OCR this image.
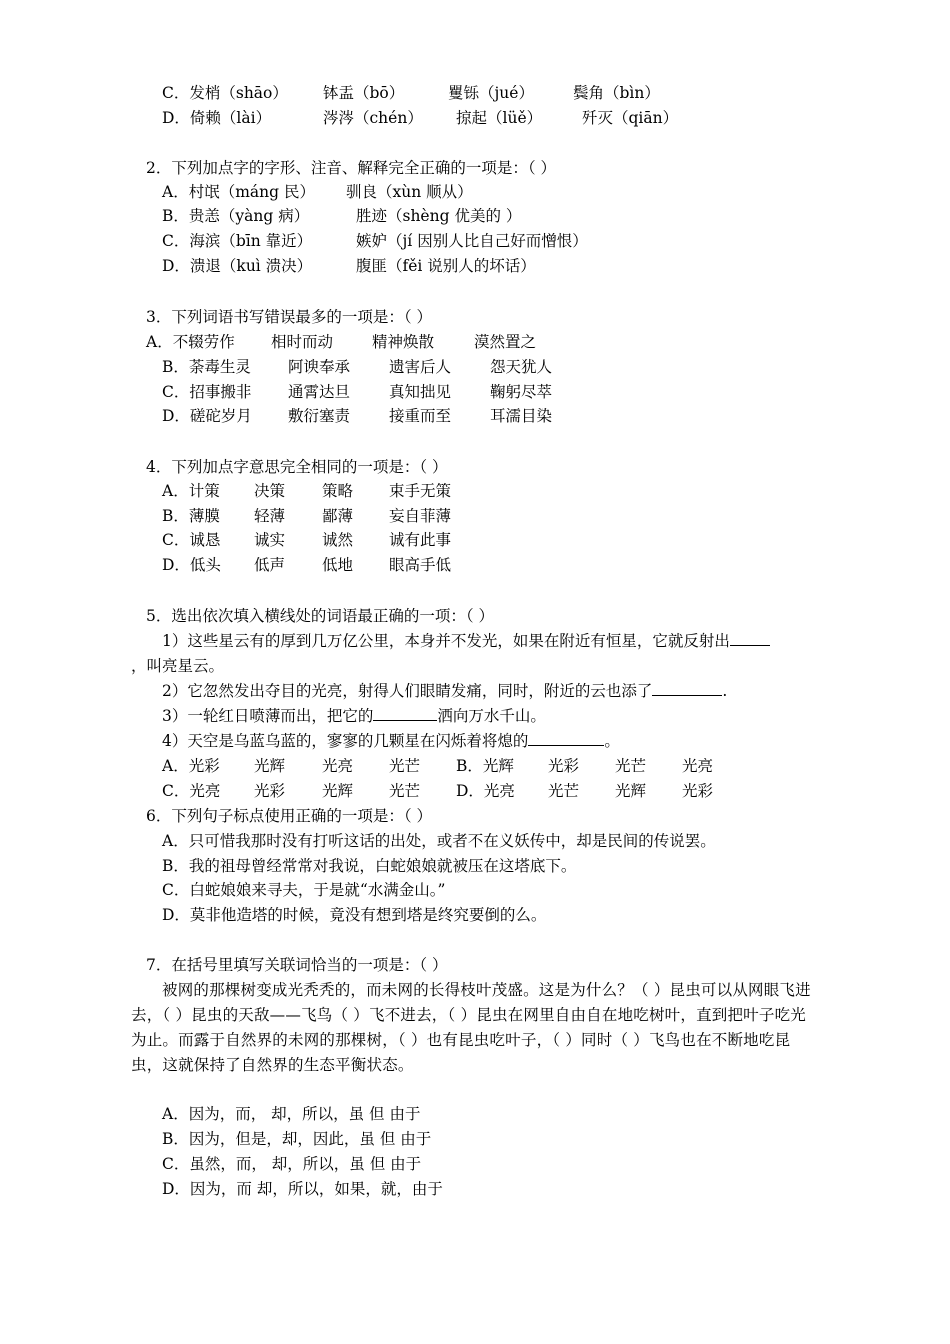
C．发梢（shāo） 钵盂（bō）	矍铄（jué）	鬓角（bìn）
D．倚赖（lài）	涔涔（chén） 掠起（lüě）	歼灭（qiān）
2．下列加点字的字形、注音、解释完全正确的一项是：（ ）
A．村氓（máng 民） 驯良（xùn 顺从）
B．贵恙（yàng 病）	胜迹（shèng 优美的 ）
C．海滨（bīn 靠近）	嫉妒（jí 因别人比自己好而憎恨）
D．溃退（kuì 溃决）	腹匪（fěi 说别人的坏话）
3．下列词语书写错误最多的一项是：（ ）
A．不辍劳作 相时而动	精神焕散	漠然置之
B．荼毒生灵 阿谀奉承	遗害后人	怨天犹人
C．招事搬非 通霄达旦	真知拙见	鞠躬尽萃
D．磋砣岁月 敷衍塞责	接重而至	耳濡目染
4．下列加点字意思完全相同的一项是：（ ）
A．计策 决策 策略 束手无策
B．薄膜 轻薄 鄙薄 妄自菲薄
C．诚恳 诚实 诚然 诚有此事
D．低头 低声 低地 眼高手低
5．选出依次填入横线处的词语最正确的一项：（ ）
1）这些星云有的厚到几万亿公里，本身并不发光，如果在附近有恒星，它就反射出
，叫亮星云。
2）它忽然发出夺目的光亮，射得人们眼睛发痛，同时，附近的云也添了	.
3）一轮红日喷薄而出，把它的	洒向万水千山。
4）天空是乌蓝乌蓝的，寥寥的几颗星在闪烁着将熄的	。
A．光彩 光辉 光亮 光芒 B．光辉 光彩 光芒 光亮
C．光亮 光彩 光辉 光芒 D．光亮 光芒 光辉 光彩
6．下列句子标点使用正确的一项是：（ ）
A．只可惜我那时没有打听这话的出处，或者不在义妖传中，却是民间的传说罢。
B．我的祖母曾经常常对我说，白蛇娘娘就被压在这塔底下。
C．白蛇娘娘来寻夫，于是就“水满金山。”
D．莫非他造塔的时候，竟没有想到塔是终究要倒的么。
7．在括号里填写关联词恰当的一项是：（ ）
被网的那棵树变成光秃秃的，而未网的长得枝叶茂盛。这是为什么？（ ）昆虫可以从网眼飞进去，（ ）昆虫的天敌——飞鸟（ ）飞不进去，（ ）昆虫在网里自由自在地吃树叶，直到把叶子吃光为止。而露于自然界的未网的那棵树，（ ）也有昆虫吃叶子，（ ）同时（ ）飞鸟也在不断地吃昆虫，这就保持了自然界的生态平衡状态。
A．因为，而， 却，所以，虽 但 由于
B．因为，但是，却，因此，虽 但 由于
C．虽然，而， 却，所以，虽 但 由于
D．因为，而 却，所以，如果，就，由于
